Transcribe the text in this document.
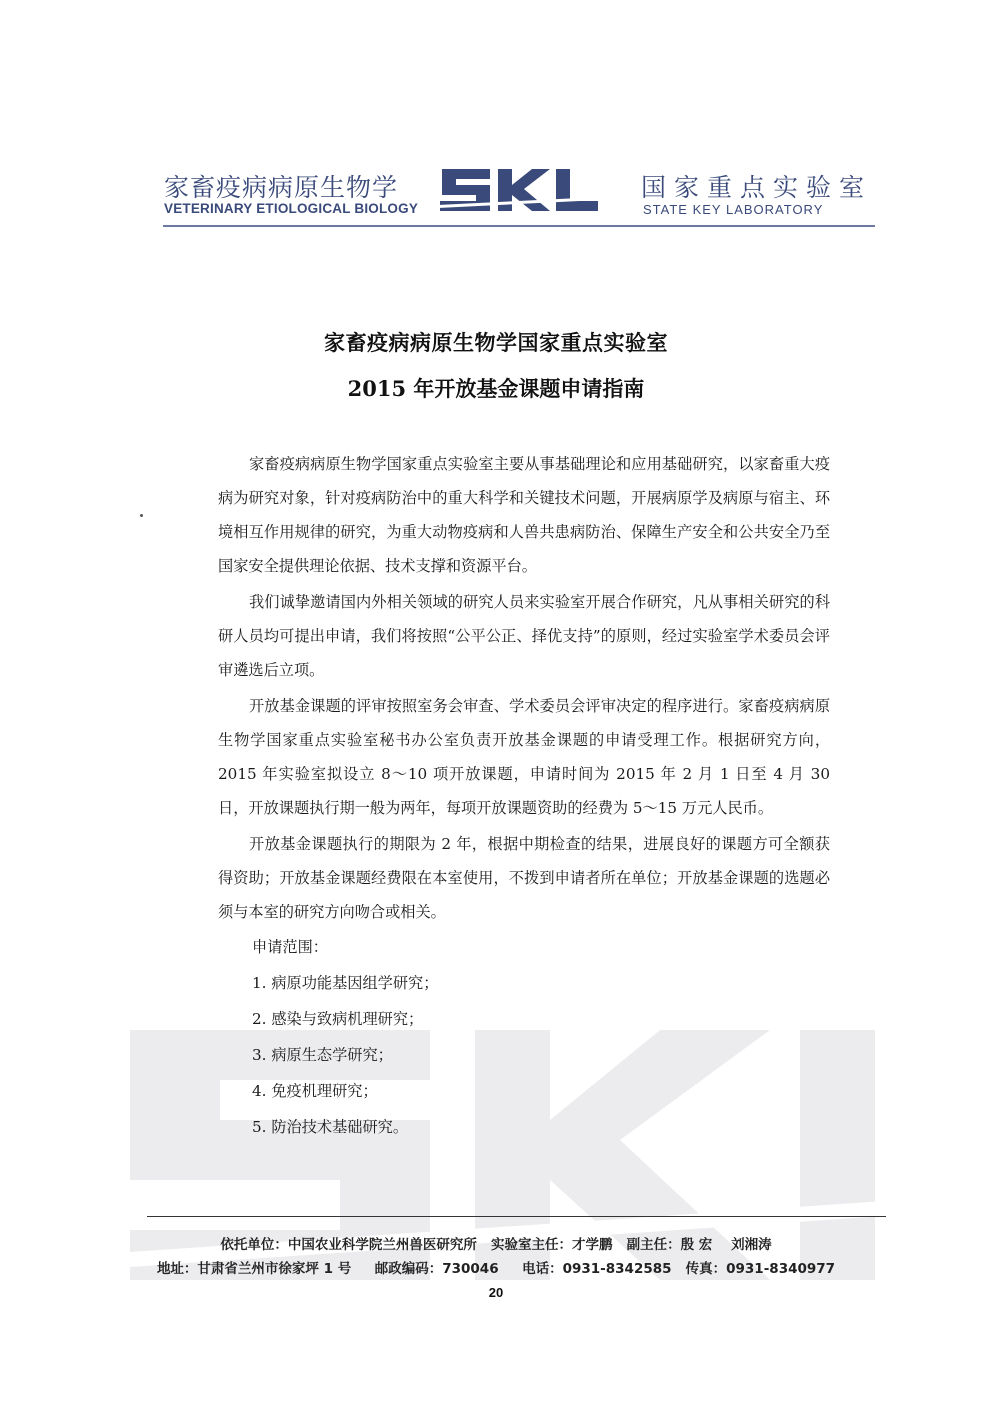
家畜疫病病原生物学
VETERINARY ETIOLOGICAL BIOLOGY
国家重点实验室
STATE KEY LABORATORY
家畜疫病病原生物学国家重点实验室
2015 年开放基金课题申请指南

家畜疫病病原生物学国家重点实验室主要从事基础理论和应用基础研究，以家畜重大疫病为研究对象，针对疫病防治中的重大科学和关键技术问题，开展病原学及病原与宿主、环境相互作用规律的研究，为重大动物疫病和人兽共患病防治、保障生产安全和公共安全乃至国家安全提供理论依据、技术支撑和资源平台。

我们诚挚邀请国内外相关领域的研究人员来实验室开展合作研究，凡从事相关研究的科研人员均可提出申请，我们将按照“公平公正、择优支持”的原则，经过实验室学术委员会评审遴选后立项。

开放基金课题的评审按照室务会审查、学术委员会评审决定的程序进行。家畜疫病病原生物学国家重点实验室秘书办公室负责开放基金课题的申请受理工作。根据研究方向，2015 年实验室拟设立 8～10 项开放课题，申请时间为 2015 年 2 月 1 日至 4 月 30 日，开放课题执行期一般为两年，每项开放课题资助的经费为 5～15 万元人民币。

开放基金课题执行的期限为 2 年，根据中期检查的结果，进展良好的课题方可全额获得资助；开放基金课题经费限在本室使用，不拨到申请者所在单位；开放基金课题的选题必须与本室的研究方向吻合或相关。

申请范围：

1. 病原功能基因组学研究；

2. 感染与致病机理研究；

3. 病原生态学研究；

4. 免疫机理研究；

5. 防治技术基础研究。

依托单位：中国农业科学院兰州兽医研究所   实验室主任：才学鹏   副主任：殷 宏    刘湘涛
地址：甘肃省兰州市徐家坪 1 号     邮政编码：730046     电话：0931-8342585   传真：0931-8340977
20
